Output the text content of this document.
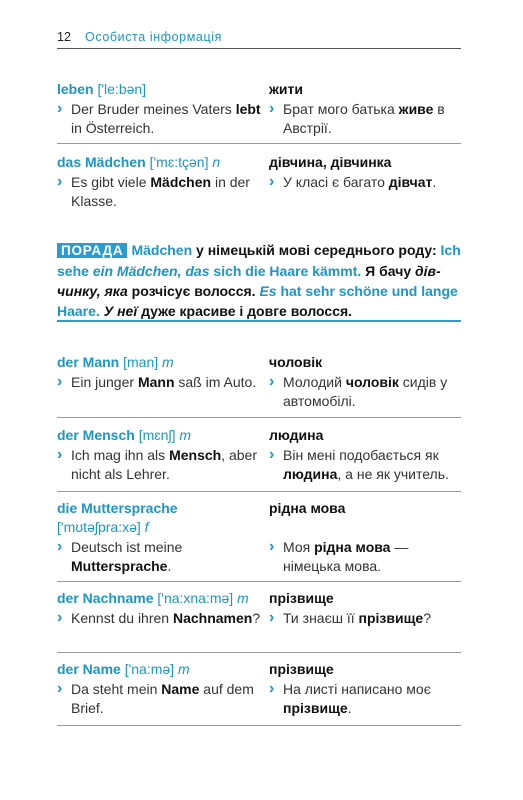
12 Особиста інформація
leben ['le:bən]
› Der Bruder meines Vaters lebt in Österreich.
жити
› Брат мого батька живе в Австрії.
das Mädchen ['mɛ:tçən] n
› Es gibt viele Mädchen in der Klasse.
дівчина, дівчинка
› У класі є багато дівчат.
ПОРАДА Mädchen у німецькій мові середнього роду: Ich sehe ein Mädchen, das sich die Haare kämmt. Я бачу дівчинку, яка розчісує волосся. Es hat sehr schöne und lange Haare. У неї дуже красиве і довге волосся.
der Mann [man] m
› Ein junger Mann saß im Auto.
чоловік
› Молодий чоловік сидів у автомобілі.
der Mensch [mɛnʃ] m
› Ich mag ihn als Mensch, aber nicht als Lehrer.
людина
› Він мені подобається як людина, а не як учитель.
die Muttersprache
['mʊtəʃpra:xə] f
› Deutsch ist meine Muttersprache.
рідна мова
› Моя рідна мова — німецька мова.
der Nachname ['na:xna:mə] m
› Kennst du ihren Nachnamen?
прізвище
› Ти знаєш її прізвище?
der Name ['na:mə] m
› Da steht mein Name auf dem Brief.
прізвище
› На листі написано моє прізвище.
